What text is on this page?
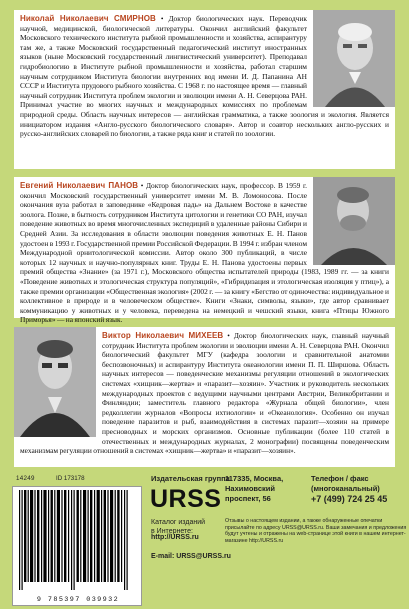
Николай Николаевич СМИРНОВ • Доктор биологических наук. Переводчик научной, медицинской, биологической литературы. Окончил английский факультет Московского технического института рыбной промышленности и хозяйства, аспирантуру там же, а также Московский государственный педагогический институт иностранных языков (ныне Московский государственный лингвистический университет). Преподавал гидробиологию в Институте рыбной промышленности и хозяйства, работал старшим научным сотрудником Института биологии внутренних вод имени И. Д. Папанина АН СССР и Института прудового рыбного хозяйства. С 1968 г. по настоящее время — главный научный сотрудник Института проблем экологии и эволюции имени А. Н. Северцова РАН. Принимал участие во многих научных и международных комиссиях по проблемам природной среды. Область научных интересов — английская грамматика, а также зоология и экология. Является инициатором издания «Англо-русского биологического словаря». Автор и соавтор нескольких англо-русских и русско-английских словарей по биологии, а также ряда книг и статей по зоологии.
Евгений Николаевич ПАНОВ • Доктор биологических наук, профессор. В 1959 г. окончил Московский государственный университет имени М. В. Ломоносова. После окончания вуза работал в заповеднике «Кедровая падь» на Дальнем Востоке в качестве зоолога. Позже, в бытность сотрудником Института цитологии и генетики СО РАН, изучал поведение животных во время многочисленных экспедиций в удаленные районы Сибири и Средней Азии. За исследования в области эволюции поведения животных Е. Н. Панов удостоен в 1993 г. Государственной премии Российской Федерации. В 1994 г. избран членом Международной орнитологической комиссии. Автор около 300 публикаций, в числе которых 12 научных и научно-популярных книг. Труды Е. Н. Панова удостоены первых премий общества «Знание» (за 1971 г.), Московского общества испытателей природы (1983, 1989 гг. — за книги «Поведение животных и этологическая структура популяций», «Гибридизация и этологическая изоляция у птиц»), а также премии организации «Общественная экология» (2002 г. — за книгу «Бегство от одиночества: индивидуальное и коллективное в природе и в человеческом обществе». Книги «Знаки, символы, языки», где автор сравнивает коммуникацию у животных и у человека, переведена на немецкий и чешский языки, книга «Птицы Южного Приморья» — на японский язык.
Виктор Николаевич МИХЕЕВ • Доктор биологических наук, главный научный сотрудник Института проблем экологии и эволюции имени А. Н. Северцова РАН. Окончил биологический факультет МГУ (кафедра зоологии и сравнительной анатомии беспозвоночных) и аспирантуру Института океанологии имени П. П. Ширшова. Область научных интересов — поведенческие механизмы регуляции отношений в экологических системах «хищник—жертва» и «паразит—хозяин». Участник и руководитель нескольких международных проектов с ведущими научными центрами Австрии, Великобритании и Финляндии; заместитель главного редактора «Журнала общей биологии», член редколлегии журналов «Вопросы ихтиологии» и «Океанология». Особенно он изучал поведение паразитов и рыб, взаимодействия в системах паразит—хозяин на примере пресноводных и морских организмов. Основные публикации (более 110 статей в отечественных и международных журналах, 2 монографии) посвящены поведенческим механизмам регуляции отношений в системах «хищник—жертва» и «паразит—хозяин».
14249	ID 173178
9 785397 039932
Издательская группа
URSS
Каталог изданий
в Интернете:
http://URSS.ru
E-mail: URSS@URSS.ru
117335, Москва,
Нахимовский
проспект, 56
Телефон / факс
(многоканальный)
+7 (499) 724 25 45
Отзывы о настоящем издании, а также обнаруженные опечатки присылайте по адресу URSS@URSS.ru. Ваши замечания и предложения будут учтены и отражены на web-странице этой книги в нашем интернет-магазине http://URSS.ru
